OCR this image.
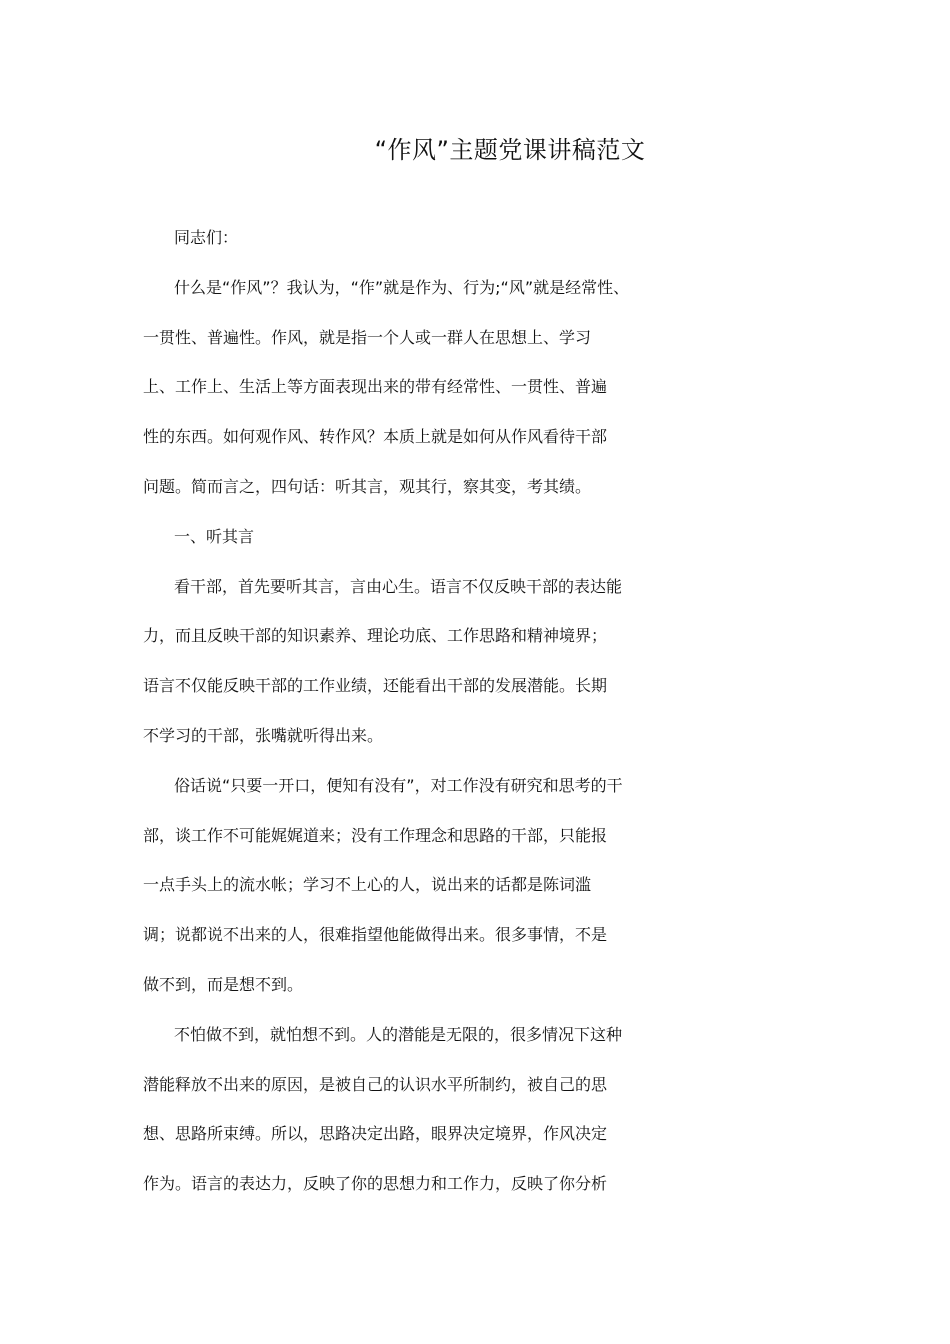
“作风”主题党课讲稿范文
同志们：
什么是“作风”？我认为，“作”就是作为、行为;“风”就是经常性、
一贯性、普遍性。作风，就是指一个人或一群人在思想上、学习
上、工作上、生活上等方面表现出来的带有经常性、一贯性、普遍
性的东西。如何观作风、转作风？本质上就是如何从作风看待干部
问题。简而言之，四句话：听其言，观其行，察其变，考其绩。
一、听其言
看干部，首先要听其言，言由心生。语言不仅反映干部的表达能
力，而且反映干部的知识素养、理论功底、工作思路和精神境界；
语言不仅能反映干部的工作业绩，还能看出干部的发展潜能。长期
不学习的干部，张嘴就听得出来。
俗话说“只要一开口，便知有没有”，对工作没有研究和思考的干
部，谈工作不可能娓娓道来；没有工作理念和思路的干部，只能报
一点手头上的流水帐；学习不上心的人，说出来的话都是陈词滥
调；说都说不出来的人，很难指望他能做得出来。很多事情，不是
做不到，而是想不到。
不怕做不到，就怕想不到。人的潜能是无限的，很多情况下这种
潜能释放不出来的原因，是被自己的认识水平所制约，被自己的思
想、思路所束缚。所以，思路决定出路，眼界决定境界，作风决定
作为。语言的表达力，反映了你的思想力和工作力，反映了你分析
